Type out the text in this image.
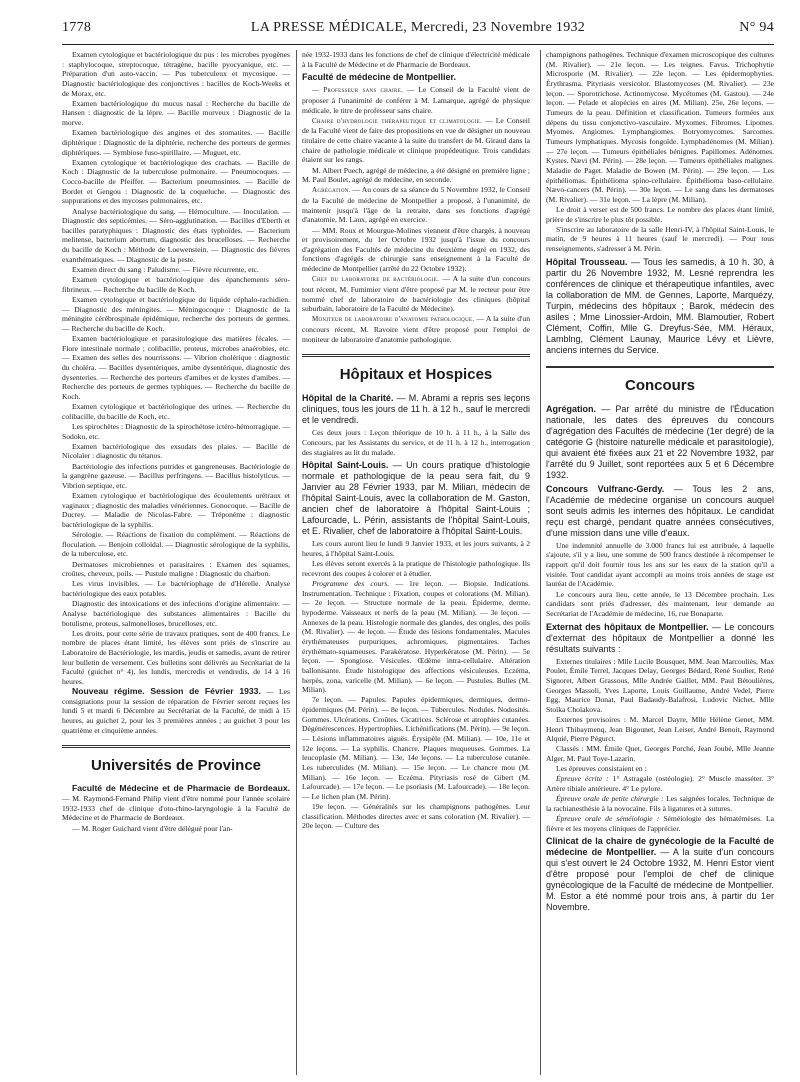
1778	LA PRESSE MÉDICALE, Mercredi, 23 Novembre 1932	N° 94

Examen cytologique et bactériologique du pus : les microbes pyogènes : staphylocoque, streptocoque, tétragène, bacille pyocyanique, etc. — Préparation d'un auto-vaccin. — Pus tuberculeux et mycosique. — Diagnostic bactériologique des conjonctives : bacilles de Koch-Weeks et de Morax, etc.

Examen bactériologique du mucus nasal : Recherche du bacille de Hansen : diagnostic de la lèpre. — Bacille morveux : Diagnostic de la morve.

Examen bactériologique des angines et des stomatites. — Bacille diphtérique : Diagnostic de la diphtérie, recherche des porteurs de germes diphtériques. — Symbiose fuso-spirillaire. — Muguet, etc.

Examen cytologique et bactériologique des crachats. — Bacille de Koch : Diagnostic de la tuberculose pulmonaire. — Pneumocoques. — Cocco-bacille de Pfeiffer. — Bacterium pneumosintes. — Bacille de Bordet et Gengou : Diagnostic de la coqueluche. — Diagnostic des suppurations et des mycoses pulmonaires, etc.

Analyse bactériologique du sang. — Hémoculture. — Inoculation. — Diagnostic des septicémies. — Séro-agglutination. — Bacilles d'Eberth et bacilles paratyphiques : Diagnostic des états typhoïdes. — Bacterium melitense, bacterium abortum, diagnostic des brucelloses. — Recherche du bacille de Koch : Méthode de Loewenstein. — Diagnostic des fièvres exanthématiques. — Diagnostic de la peste.

Examen direct du sang : Paludisme. — Fièvre récurrente, etc.

Examen cytologique et bactériologique des épanchements séro-fibrineux. — Recherche du bacille de Koch.

Examen cytologique et bactériologique du liquide céphalo-rachidien. — Diagnostic des méningites. — Méningocoque : Diagnostic de la méningite cérébrospinale épidémique, recherche des porteurs de germes. — Recherche du bacille de Koch.

Examen bactériologique et parasitologique des matières fécales. — Flore intestinale normale ; colibacille, proteus, microbes anaérobies, etc. — Examen des selles des nourrissons. — Vibrion cholérique : diagnostic du choléra. — Bacilles dysentériques, amibe dysentérique, diagnostic des dysenteries. — Recherche des porteurs d'amibes et de kystes d'amibes. — Recherche des porteurs de germes typhiques. — Recherche du bacille de Koch.

Examen cytologique et bactériologique des urines. — Recherche du colibacille, du bacille de Koch, etc.

Les spirochètes : Diagnostic de la spirochétose ictéro-hémorragique. — Sodoku, etc.

Examen bactériologique des exsudats des plaies. — Bacille de Nicolaïer : diagnostic du tétanos.

Bactériologie des infections putrides et gangreneuses. Bactériologie de la gangrène gazeuse. — Bacillus perfringens. — Bacillus histolyticus. — Vibrion septique, etc.

Examen cytologique et bactériologique des écoulements urétraux et vaginaux ; diagnostic des maladies vénériennes. Gonocoque. — Bacille de Ducrey. — Maladie de Nicolas-Fabre. — Tréponème : diagnostic bactériologique de la syphilis.

Sérologie. — Réactions de fixation du complément. — Réactions de floculation. — Benjoin colloïdal. — Diagnostic sérologique de la syphilis, de la tuberculose, etc.

Dermatoses microbiennes et parasitaires : Examen des squames, croûtes, cheveux, poils. — Pustule maligne : Diagnostic du charbon.

Les virus invisibles. — Le bactériophage de d'Hérelle. Analyse bactériologique des eaux potables.

Diagnostic des intoxications et des infections d'origine alimentaire. — Analyse bactériologique des substances alimentaires : Bacille du botulisme, proteus, salmonelloses, brucelloses, etc.

Les droits, pour cette série de travaux pratiques, sont de 400 francs. Le nombre de places étant limité, les élèves sont priés de s'inscrire au Laboratoire de Bactériologie, les mardis, jeudis et samedis, avant de retirer leur bulletin de versement. Ces bulletins sont délivrés au Secrétariat de la Faculté (guichet n° 4), les lundis, mercredis et vendredis, de 14 à 16 heures.

Nouveau régime. Session de Février 1933. — Les consignations pour la session de réparation de Février seront reçues les lundi 5 et mardi 6 Décembre au Secrétariat de la Faculté, de midi à 15 heures, au guichet 2, pour les 3 premières années ; au guichet 3 pour les quatrième et cinquième années.

Universités de Province

Faculté de Médecine et de Pharmacie de Bordeaux. — M. Raymond-Fernand Philip vient d'être nommé pour l'année scolaire 1932-1933 chef de clinique d'oto-rhino-laryngologie à la Faculté de Médecine et de Pharmacie de Bordeaux.

— M. Roger Guichard vient d'être délégué pour l'an-

née 1932-1933 dans les fonctions de chef de clinique d'électricité médicale à la Faculté de Médecine et de Pharmacie de Bordeaux.

Faculté de médecine de Montpellier.

— Professeur sans chaire. — Le Conseil de la Faculté vient de proposer à l'unanimité de conférer à M. Lamarque, agrégé de physique médicale, le titre de professeur sans chaire.

Chaire d'hydrologie thérapeutique et climatologie. — Le Conseil de la Faculté vient de faire des propositions en vue de désigner un nouveau titulaire de cette chaire vacante à la suite du transfert de M. Giraud dans la chaire de pathologie médicale et clinique propédeutique. Trois candidats étaient sur les rangs.

M. Albert Puech, agrégé de médecine, a été désigné en première ligne ; M. Paul Boulet, agrégé de médecine, en seconde.

Agrégation. — Au cours de sa séance du 5 Novembre 1932, le Conseil de la Faculté de médecine de Montpellier a proposé, à l'unanimité, de maintenir jusqu'à l'âge de la retraite, dans ses fonctions d'agrégé d'anatomie, M. Laux, agrégé en exercice.

— MM. Roux et Mourgue-Molines viennent d'être chargés, à nouveau et provisoirement, du 1er Octobre 1932 jusqu'à l'issue du concours d'agrégation des Facultés de médecine du deuxième degré en 1932, des fonctions d'agrégés de chirurgie sans enseignement à la Faculté de médecine de Montpellier (arrêté du 22 Octobre 1932).

Chef du laboratoire de bactériologie. — A la suite d'un concours tout récent, M. Fumimier vient d'être proposé par M. le recteur pour être nommé chef de laboratoire de bactériologie des cliniques (hôpital suburbain, laboratoire de la Faculté de Médecine).

Moniteur de laboratoire d'anatomie pathologique. — A la suite d'un concours récent, M. Ravoire vient d'être proposé pour l'emploi de moniteur de laboratoire d'anatomie pathologique.

Hôpitaux et Hospices
Hôpital de la Charité. — M. Abrami a repris ses leçons cliniques, tous les jours de 11 h. à 12 h., sauf le mercredi et le vendredi.

Ces deux jours : Leçon théorique de 10 h. à 11 h., à la Salle des Concours, par les Assistants du service, et de 11 h. à 12 h., interrogation des stagiaires au lit du malade.

Hôpital Saint-Louis. — Un cours pratique d'histologie normale et pathologique de la peau sera fait, du 9 Janvier au 28 Février 1933, par M. Milian, médecin de l'hôpital Saint-Louis, avec la collaboration de M. Gaston, ancien chef de laboratoire à l'hôpital Saint-Louis ; Lafourcade, L. Périn, assistants de l'hôpital Saint-Louis, et E. Rivalier, chef de laboratoire à l'hôpital Saint-Louis.

Les cours auront lieu le lundi 9 Janvier 1933, et les jours suivants, à 2 heures, à l'hôpital Saint-Louis.

Les élèves seront exercés à la pratique de l'histologie pathologique. Ils recevront des coupes à colorer et à étudier.

Programme des cours. — 1re leçon. — Biopsie. Indications. Instrumentation. Technique : Fixation, coupes et colorations (M. Milian). — 2e leçon. — Structure normale de la peau. Épiderme, derme, hypoderme. Vaisseaux et nerfs de la peau (M. Milian). — 3e leçon. — Annexes de la peau. Histologie normale des glandes, des ongles, des poils (M. Rivalier). — 4e leçon. — Étude des lésions fondamentales. Macules érythémateuses purpuriques, achromiques, pigmentaires. Taches érythémato-squameuses. Parakératose. Hyperkératose (M. Périn). — 5e leçon. — Spongiose. Vésicules. Œdème intra-cellulaire. Altération ballonisante. Étude histologique des affections vésiculeuses. Eczéma, herpès, zona, varicelle (M. Milian). — 6e leçon. — Pustules. Bulles (M. Milian).

7e leçon. — Papules. Papules épidermiques, dermiques, dermo-épidermiques (M. Périn). — 8e leçon. — Tubercules. Nodules. Nodosités. Gommes. Ulcérations. Croûtes. Cicatrices. Sclérose et atrophies cutanées. Dégénérescences. Hypertrophies. Lichénifications (M. Périn). — 9e leçon. — Lésions inflammatoires aiguës. Érysipèle (M. Milian). — 10e, 11e et 12e leçons. — La syphilis. Chancre. Plaques muqueuses. Gommes. La leucoplasie (M. Milian). — 13e, 14e leçons. — La tuberculose cutanée. Les tuberculides (M. Milian). — 15e leçon. — Le chancre mou (M. Milian). — 16e leçon. — Eczéma. Pityriasis rosé de Gibert (M. Lafourcade). — 17e leçon. — Le psoriasis (M. Lafourcade). — 18e leçon. — Le lichen plan (M. Périn).

19e leçon. — Généralités sur les champignons pathogènes. Leur classification. Méthodes directes avec et sans coloration (M. Rivalier). — 20e leçon. — Culture des

champignons pathogènes. Technique d'examen microscopique des cultures (M. Rivalier). — 21e leçon. — Les teignes. Favus. Trichophytie Microsporie (M. Rivalier). — 22e leçon. — Les épidermophyties. Érythrasma. Pityriasis versicolor. Blastomycoses (M. Rivalier). — 23e leçon. — Sporotrichose. Actinomycose. Mycétomes (M. Gastou). — 24e leçon. — Pelade et alopécies en aires (M. Milian). 25e, 26e leçons. — Tumeurs de la peau. Définition et classification. Tumeurs formées aux dépens du tissu conjonctivo-vasculaire. Myxomes. Fibromes. Lipomes. Myomes. Angiomes. Lymphangiomes. Botryomycomes. Sarcomes. Tumeurs lymphatiques. Mycosis fongoïde. Lymphadénomes (M. Milian). — 27e leçon. — Tumeurs épithéliales bénignes. Papillomes. Adénomes. Kystes. Nævi (M. Périn). — 28e leçon. — Tumeurs épithéliales malignes. Maladie de Paget. Maladie de Bowen (M. Périn). — 29e leçon. — Les épithéliomas. Épithélioma spino-cellulaire. Épithélioma baso-cellulaire. Nævo-cancers (M. Périn). — 30e leçon. — Le sang dans les dermatoses (M. Rivalier). — 31e leçon. — La lèpre (M. Milian).

Le droit à verser est de 500 francs. Le nombre des places étant limité, prière de s'inscrire le plus tôt possible.

S'inscrire au laboratoire de la salle Henri-IV, à l'hôpital Saint-Louis, le matin, de 9 heures à 11 heures (sauf le mercredi). — Pour tous renseignements, s'adresser à M. Périn.

Hôpital Trousseau. — Tous les samedis, à 10 h. 30, à partir du 26 Novembre 1932, M. Lesné reprendra les conférences de clinique et thérapeutique infantiles, avec la collaboration de MM. de Gennes, Laporte, Marquézy, Turpin, médecins des hôpitaux ; Barok, médecin des asiles ; Mme Linossier-Ardoin, MM. Blamoutier, Robert Clément, Coffin, Mlle G. Dreyfus-Sée, MM. Héraux, Lamblng, Clément Launay, Maurice Lévy et Lièvre, anciens internes du Service.
Concours
Agrégation. — Par arrêté du ministre de l'Éducation nationale, les dates des épreuves du concours d'agrégation des Facultés de médecine (1er degré) de la catégorie G (histoire naturelle médicale et parasitologie), qui avaient été fixées aux 21 et 22 Novembre 1932, par l'arrêté du 9 Juillet, sont reportées aux 5 et 6 Décembre 1932.
Concours Vulfranc-Gerdy. — Tous les 2 ans, l'Académie de médecine organise un concours auquel sont seuls admis les internes des hôpitaux. Le candidat reçu est chargé, pendant quatre années consécutives, d'une mission dans une ville d'eaux.

Une indemnité annuelle de 3.000 francs lui est attribuée, à laquelle s'ajoute, s'il y a lieu, une somme de 500 francs destinée à récompenser le rapport qu'il doit fournir tous les ans sur les eaux de la station qu'il a visitée. Tout candidat ayant accompli au moins trois années de stage est lauréat de l'Académie.

Le concours aura lieu, cette année, le 13 Décembre prochain. Les candidats sont priés d'adresser, dès maintenant, leur demande au Secrétariat de l'Académie de médecine, 16, rue Bonaparte.

Externat des hôpitaux de Montpellier. — Le concours d'externat des hôpitaux de Montpellier a donné les résultats suivants :

Externes titulaires : Mlle Lucile Bousquet, MM. Jean Marcouliès, Max Poulet, Émile Terrel, Jacques Delay, Georges Bédard, René Soulier, René Signoret, Albert Grassous, Mlle Andrée Gaillet, MM. Paul Bétoulières, Georges Massoli, Yves Laporte, Louis Guillaume, André Vedel, Pierre Egg, Maurice Donat, Paul Badaudy-Balafrosi, Ludovic Nichet, Mlle Stoïka Cholakova.

Externes provisoires : M. Marcel Dayre, Mlle Hélène Genet, MM. Henri Thibaymenq, Jean Bigounet, Jean Leiser, André Benoit, Raymond Alquié, Pierre Pégurct.

Classés : MM. Émile Quet, Georges Porché, Jean Joubé, Mlle Jeanne Alger, M. Paul Toye-Lazarin.

Les épreuves consistaient en :

Épreuve écrite : 1° Astragale (ostéologie). 2° Muscle masséter. 3° Artère tibiale antérieure. 4° Le pylore.

Épreuve orale de petite chirurgie : Les saignées locales. Technique de la rachianesthésie à la novocaïne. Fils à ligatures et à sutures.

Épreuve orale de séméiologie : Séméiologie des hématémèses. La fièvre et les moyens cliniques de l'apprécier.

Clinicat de la chaire de gynécologie de la Faculté de médecine de Montpellier. — A la suite d'un concours qui s'est ouvert le 24 Octobre 1932, M. Henri Estor vient d'être proposé pour l'emploi de chef de clinique gynécologique de la Faculté de médecine de Montpellier. M. Estor a été nommé pour trois ans, à partir du 1er Novembre.
